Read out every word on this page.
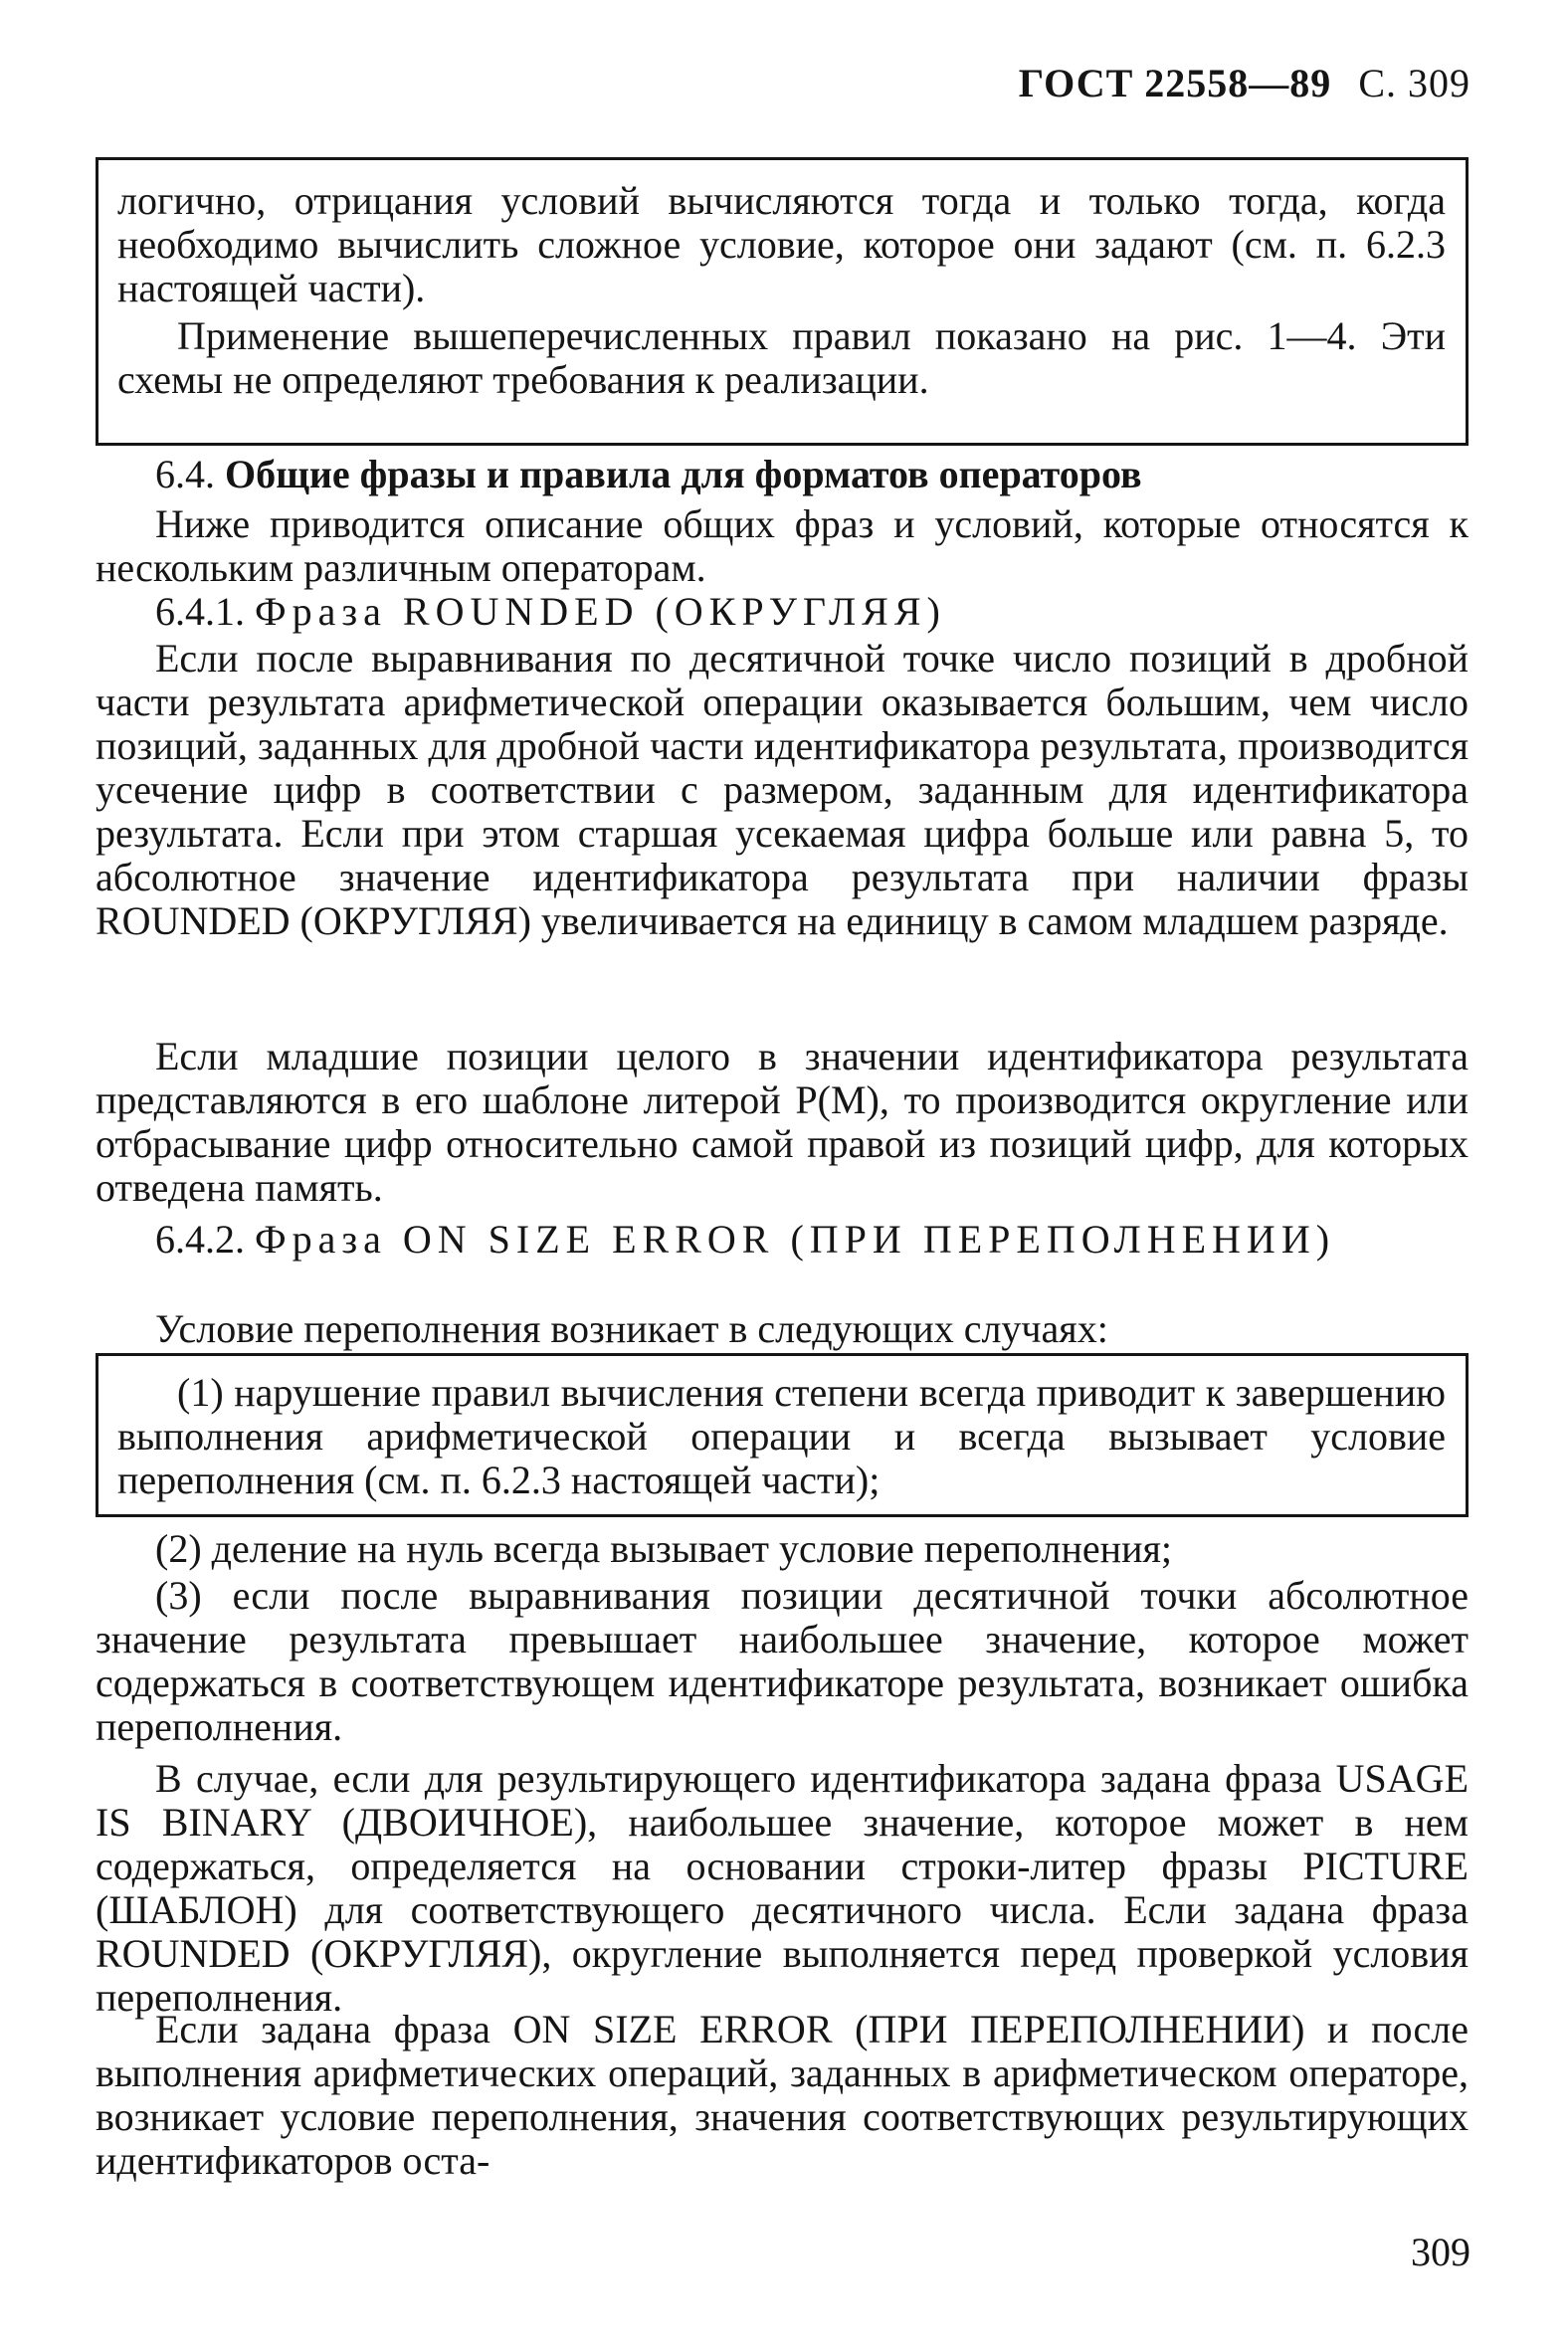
ГОСТ 22558—89 С. 309

логично, отрицания условий вычисляются тогда и только тогда, когда необходимо вычислить сложное условие, которое они задают (см. п. 6.2.3 настоящей части).

Применение вышеперечисленных правил показано на рис. 1—4. Эти схемы не определяют требования к реализации.

6.4. Общие фразы и правила для форматов операторов

Ниже приводится описание общих фраз и условий, которые относятся к нескольким различным операторам.

6.4.1. Фраза ROUNDED (ОКРУГЛЯЯ)

Если после выравнивания по десятичной точке число позиций в дробной части результата арифметической операции оказывается большим, чем число позиций, заданных для дробной части идентификатора результата, производится усечение цифр в соответствии с размером, заданным для идентификатора результата. Если при этом старшая усекаемая цифра больше или равна 5, то абсолютное значение идентификатора результата при наличии фразы ROUNDED (ОКРУГЛЯЯ) увеличивается на единицу в самом младшем разряде.

Если младшие позиции целого в значении идентификатора результата представляются в его шаблоне литерой Р(М), то производится округление или отбрасывание цифр относительно самой правой из позиций цифр, для которых отведена память.

6.4.2. Фраза ON SIZE ERROR (ПРИ ПЕРЕПОЛНЕНИИ)

Условие переполнения возникает в следующих случаях:

(1) нарушение правил вычисления степени всегда приводит к завершению выполнения арифметической операции и всегда вызывает условие переполнения (см. п. 6.2.3 настоящей части);

(2) деление на нуль всегда вызывает условие переполнения;

(3) если после выравнивания позиции десятичной точки абсолютное значение результата превышает наибольшее значение, которое может содержаться в соответствующем идентификаторе результата, возникает ошибка переполнения.

В случае, если для результирующего идентификатора задана фраза USAGE IS BINARY (ДВОИЧНОЕ), наибольшее значение, которое может в нем содержаться, определяется на основании строки-литер фразы PICTURE (ШАБЛОН) для соответствующего десятичного числа. Если задана фраза ROUNDED (ОКРУГЛЯЯ), округление выполняется перед проверкой условия переполнения.

Если задана фраза ON SIZE ERROR (ПРИ ПЕРЕПОЛНЕНИИ) и после выполнения арифметических операций, заданных в арифметическом операторе, возникает условие переполнения, значения соответствующих результирующих идентификаторов оста-

309
